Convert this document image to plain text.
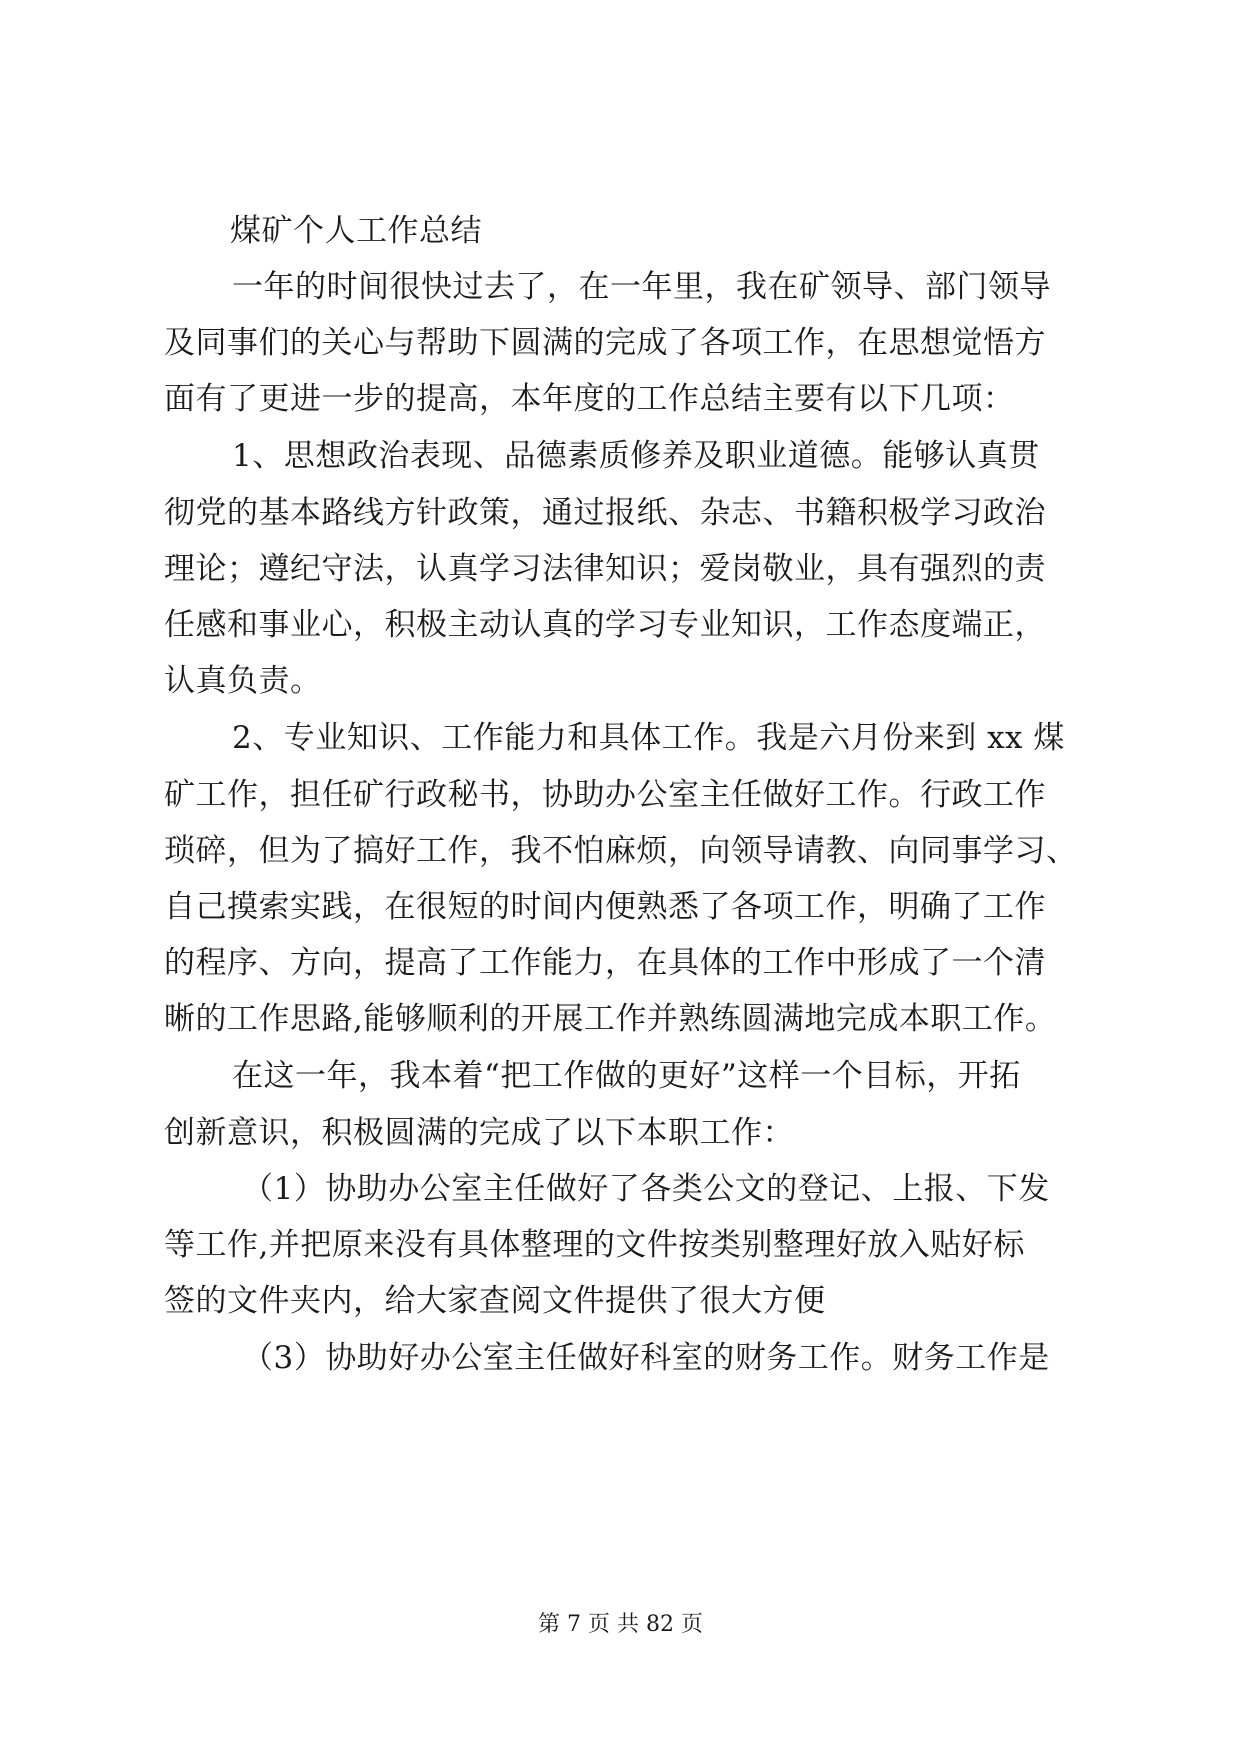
煤矿个人工作总结

一年的时间很快过去了，在一年里，我在矿领导、部门领导

及同事们的关心与帮助下圆满的完成了各项工作，在思想觉悟方

面有了更进一步的提高，本年度的工作总结主要有以下几项：

1、思想政治表现、品德素质修养及职业道德。能够认真贯

彻党的基本路线方针政策，通过报纸、杂志、书籍积极学习政治

理论；遵纪守法，认真学习法律知识；爱岗敬业，具有强烈的责

任感和事业心，积极主动认真的学习专业知识，工作态度端正，

认真负责。

2、专业知识、工作能力和具体工作。我是六月份来到 xx 煤

矿工作，担任矿行政秘书，协助办公室主任做好工作。行政工作

琐碎，但为了搞好工作，我不怕麻烦，向领导请教、向同事学习、

自己摸索实践，在很短的时间内便熟悉了各项工作，明确了工作

的程序、方向，提高了工作能力，在具体的工作中形成了一个清

晰的工作思路,能够顺利的开展工作并熟练圆满地完成本职工作。

在这一年，我本着“把工作做的更好”这样一个目标，开拓

创新意识，积极圆满的完成了以下本职工作：

（1）协助办公室主任做好了各类公文的登记、上报、下发

等工作,并把原来没有具体整理的文件按类别整理好放入贴好标

签的文件夹内，给大家查阅文件提供了很大方便

（3）协助好办公室主任做好科室的财务工作。财务工作是

第 7 页 共 82 页
